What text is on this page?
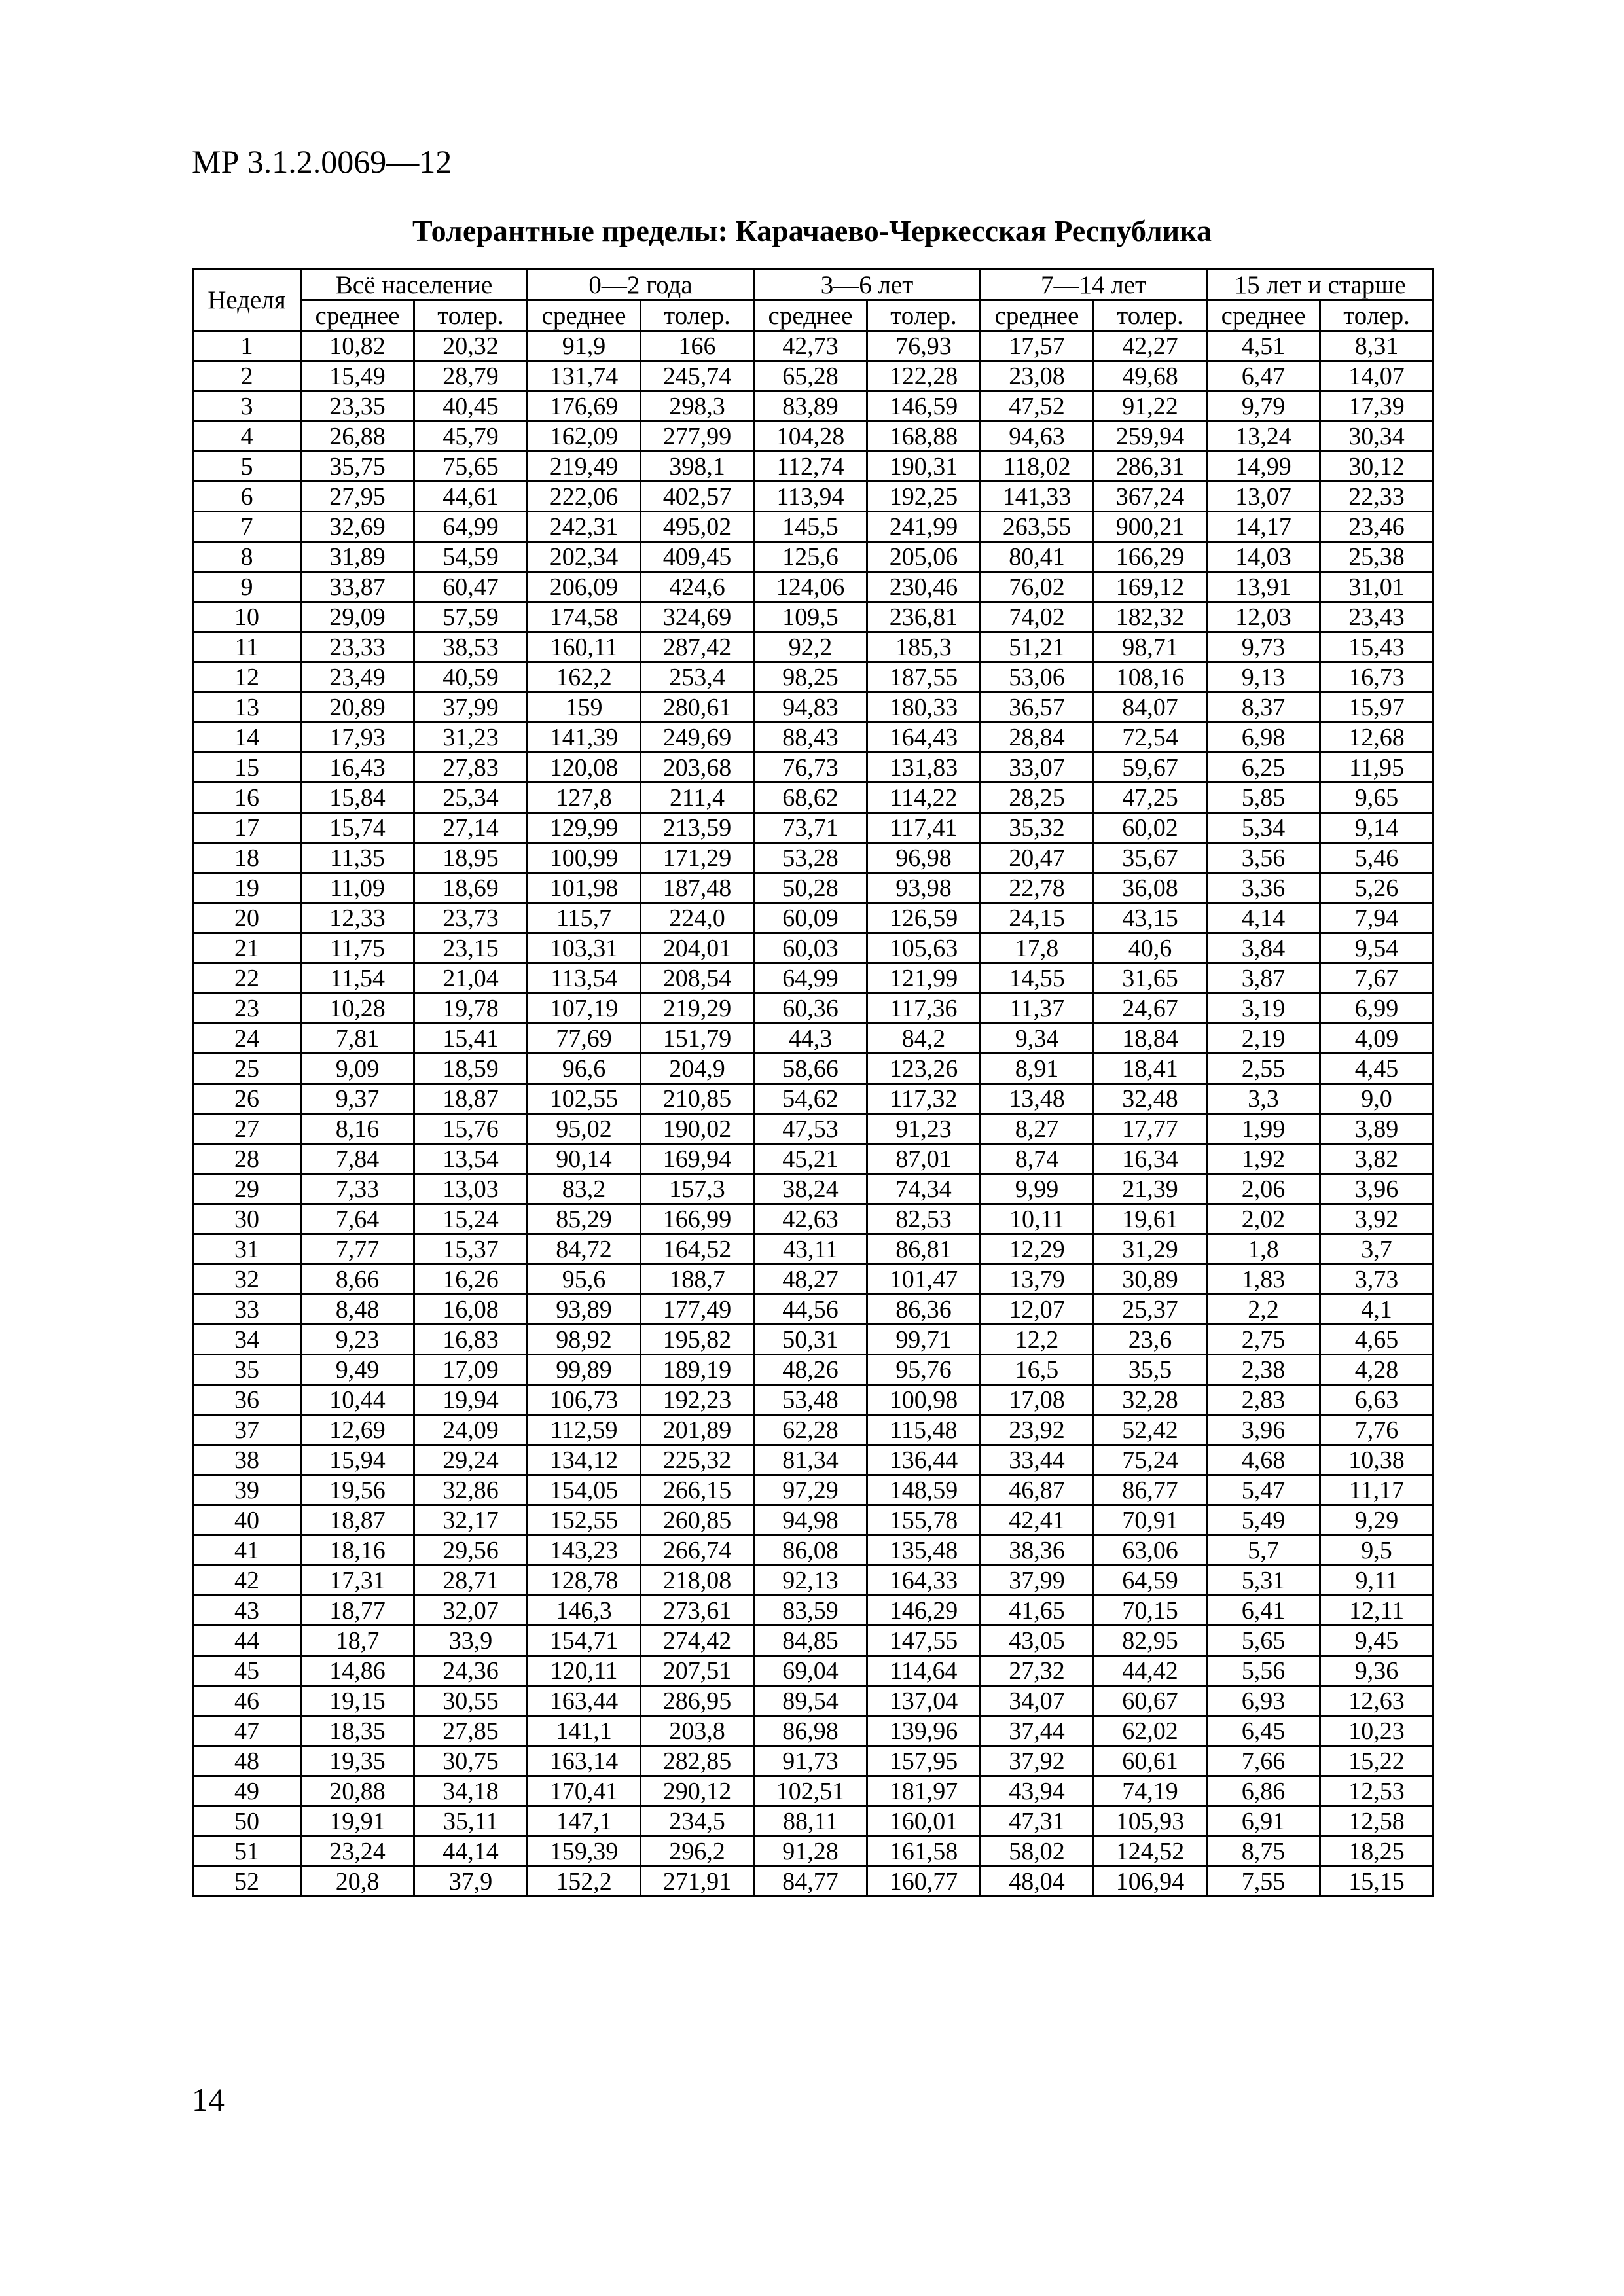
МР 3.1.2.0069—12
Толерантные пределы: Карачаево-Черкесская Республика
Неделя	Всё население		0—2 года		3—6 лет		7—14 лет		15 лет и старше	
	среднее	толер.	среднее	толер.	среднее	толер.	среднее	толер.	среднее	толер.
1	10,82	20,32	91,9	166	42,73	76,93	17,57	42,27	4,51	8,31
2	15,49	28,79	131,74	245,74	65,28	122,28	23,08	49,68	6,47	14,07
3	23,35	40,45	176,69	298,3	83,89	146,59	47,52	91,22	9,79	17,39
4	26,88	45,79	162,09	277,99	104,28	168,88	94,63	259,94	13,24	30,34
5	35,75	75,65	219,49	398,1	112,74	190,31	118,02	286,31	14,99	30,12
6	27,95	44,61	222,06	402,57	113,94	192,25	141,33	367,24	13,07	22,33
7	32,69	64,99	242,31	495,02	145,5	241,99	263,55	900,21	14,17	23,46
8	31,89	54,59	202,34	409,45	125,6	205,06	80,41	166,29	14,03	25,38
9	33,87	60,47	206,09	424,6	124,06	230,46	76,02	169,12	13,91	31,01
10	29,09	57,59	174,58	324,69	109,5	236,81	74,02	182,32	12,03	23,43
11	23,33	38,53	160,11	287,42	92,2	185,3	51,21	98,71	9,73	15,43
12	23,49	40,59	162,2	253,4	98,25	187,55	53,06	108,16	9,13	16,73
13	20,89	37,99	159	280,61	94,83	180,33	36,57	84,07	8,37	15,97
14	17,93	31,23	141,39	249,69	88,43	164,43	28,84	72,54	6,98	12,68
15	16,43	27,83	120,08	203,68	76,73	131,83	33,07	59,67	6,25	11,95
16	15,84	25,34	127,8	211,4	68,62	114,22	28,25	47,25	5,85	9,65
17	15,74	27,14	129,99	213,59	73,71	117,41	35,32	60,02	5,34	9,14
18	11,35	18,95	100,99	171,29	53,28	96,98	20,47	35,67	3,56	5,46
19	11,09	18,69	101,98	187,48	50,28	93,98	22,78	36,08	3,36	5,26
20	12,33	23,73	115,7	224,0	60,09	126,59	24,15	43,15	4,14	7,94
21	11,75	23,15	103,31	204,01	60,03	105,63	17,8	40,6	3,84	9,54
22	11,54	21,04	113,54	208,54	64,99	121,99	14,55	31,65	3,87	7,67
23	10,28	19,78	107,19	219,29	60,36	117,36	11,37	24,67	3,19	6,99
24	7,81	15,41	77,69	151,79	44,3	84,2	9,34	18,84	2,19	4,09
25	9,09	18,59	96,6	204,9	58,66	123,26	8,91	18,41	2,55	4,45
26	9,37	18,87	102,55	210,85	54,62	117,32	13,48	32,48	3,3	9,0
27	8,16	15,76	95,02	190,02	47,53	91,23	8,27	17,77	1,99	3,89
28	7,84	13,54	90,14	169,94	45,21	87,01	8,74	16,34	1,92	3,82
29	7,33	13,03	83,2	157,3	38,24	74,34	9,99	21,39	2,06	3,96
30	7,64	15,24	85,29	166,99	42,63	82,53	10,11	19,61	2,02	3,92
31	7,77	15,37	84,72	164,52	43,11	86,81	12,29	31,29	1,8	3,7
32	8,66	16,26	95,6	188,7	48,27	101,47	13,79	30,89	1,83	3,73
33	8,48	16,08	93,89	177,49	44,56	86,36	12,07	25,37	2,2	4,1
34	9,23	16,83	98,92	195,82	50,31	99,71	12,2	23,6	2,75	4,65
35	9,49	17,09	99,89	189,19	48,26	95,76	16,5	35,5	2,38	4,28
36	10,44	19,94	106,73	192,23	53,48	100,98	17,08	32,28	2,83	6,63
37	12,69	24,09	112,59	201,89	62,28	115,48	23,92	52,42	3,96	7,76
38	15,94	29,24	134,12	225,32	81,34	136,44	33,44	75,24	4,68	10,38
39	19,56	32,86	154,05	266,15	97,29	148,59	46,87	86,77	5,47	11,17
40	18,87	32,17	152,55	260,85	94,98	155,78	42,41	70,91	5,49	9,29
41	18,16	29,56	143,23	266,74	86,08	135,48	38,36	63,06	5,7	9,5
42	17,31	28,71	128,78	218,08	92,13	164,33	37,99	64,59	5,31	9,11
43	18,77	32,07	146,3	273,61	83,59	146,29	41,65	70,15	6,41	12,11
44	18,7	33,9	154,71	274,42	84,85	147,55	43,05	82,95	5,65	9,45
45	14,86	24,36	120,11	207,51	69,04	114,64	27,32	44,42	5,56	9,36
46	19,15	30,55	163,44	286,95	89,54	137,04	34,07	60,67	6,93	12,63
47	18,35	27,85	141,1	203,8	86,98	139,96	37,44	62,02	6,45	10,23
48	19,35	30,75	163,14	282,85	91,73	157,95	37,92	60,61	7,66	15,22
49	20,88	34,18	170,41	290,12	102,51	181,97	43,94	74,19	6,86	12,53
50	19,91	35,11	147,1	234,5	88,11	160,01	47,31	105,93	6,91	12,58
51	23,24	44,14	159,39	296,2	91,28	161,58	58,02	124,52	8,75	18,25
52	20,8	37,9	152,2	271,91	84,77	160,77	48,04	106,94	7,55	15,15
14
